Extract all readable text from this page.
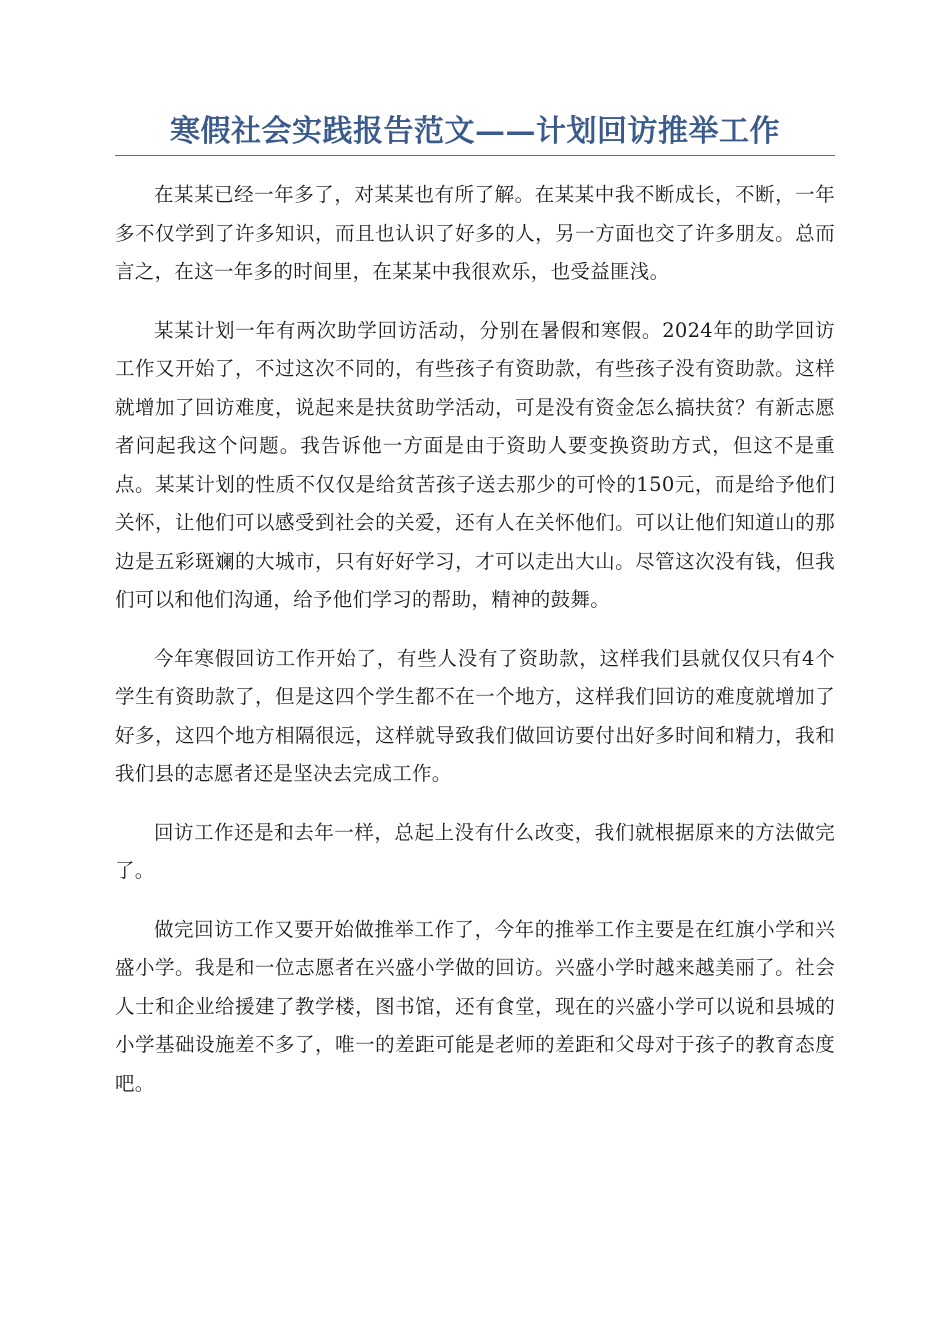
寒假社会实践报告范文——计划回访推举工作

在某某已经一年多了，对某某也有所了解。在某某中我不断成长，不断，一年多不仅学到了许多知识，而且也认识了好多的人，另一方面也交了许多朋友。总而言之，在这一年多的时间里，在某某中我很欢乐，也受益匪浅。

某某计划一年有两次助学回访活动，分别在暑假和寒假。2024年的助学回访工作又开始了，不过这次不同的，有些孩子有资助款，有些孩子没有资助款。这样就增加了回访难度，说起来是扶贫助学活动，可是没有资金怎么搞扶贫？有新志愿者问起我这个问题。我告诉他一方面是由于资助人要变换资助方式，但这不是重点。某某计划的性质不仅仅是给贫苦孩子送去那少的可怜的150元，而是给予他们关怀，让他们可以感受到社会的关爱，还有人在关怀他们。可以让他们知道山的那边是五彩斑斓的大城市，只有好好学习，才可以走出大山。尽管这次没有钱，但我们可以和他们沟通，给予他们学习的帮助，精神的鼓舞。

今年寒假回访工作开始了，有些人没有了资助款，这样我们县就仅仅只有4个学生有资助款了，但是这四个学生都不在一个地方，这样我们回访的难度就增加了好多，这四个地方相隔很远，这样就导致我们做回访要付出好多时间和精力，我和我们县的志愿者还是坚决去完成工作。

回访工作还是和去年一样，总起上没有什么改变，我们就根据原来的方法做完了。

做完回访工作又要开始做推举工作了，今年的推举工作主要是在红旗小学和兴盛小学。我是和一位志愿者在兴盛小学做的回访。兴盛小学时越来越美丽了。社会人士和企业给援建了教学楼，图书馆，还有食堂，现在的兴盛小学可以说和县城的小学基础设施差不多了，唯一的差距可能是老师的差距和父母对于孩子的教育态度吧。
